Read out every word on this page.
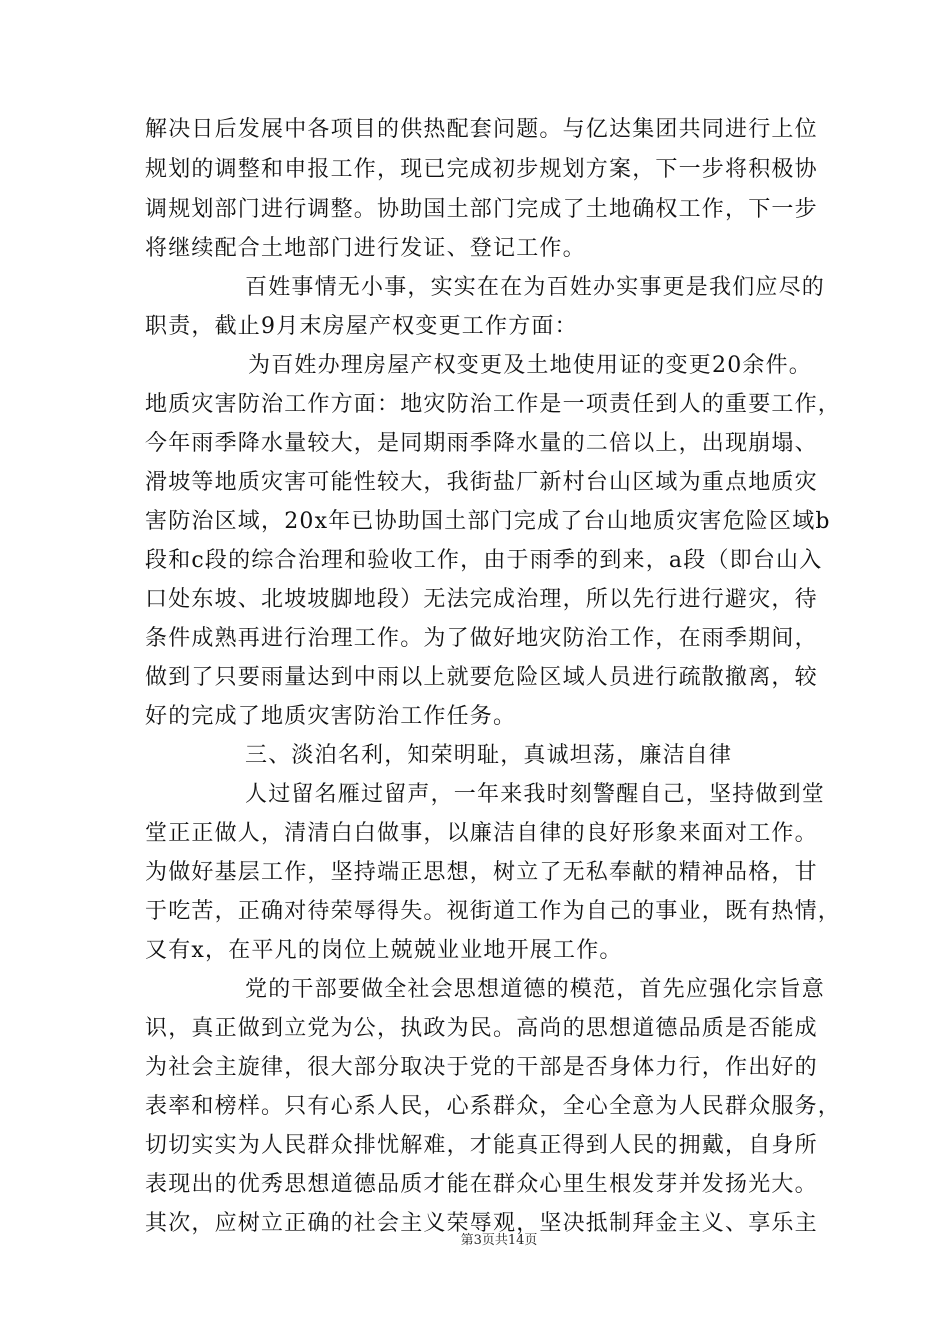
解决日后发展中各项目的供热配套问题。与亿达集团共同进行上位
规划的调整和申报工作，现已完成初步规划方案，下一步将积极协
调规划部门进行调整。协助国土部门完成了土地确权工作，下一步
将继续配合土地部门进行发证、登记工作。
百姓事情无小事，实实在在为百姓办实事更是我们应尽的
职责，截止9月末房屋产权变更工作方面：
为百姓办理房屋产权变更及土地使用证的变更20余件。
地质灾害防治工作方面：地灾防治工作是一项责任到人的重要工作，
今年雨季降水量较大，是同期雨季降水量的二倍以上，出现崩塌、
滑坡等地质灾害可能性较大，我街盐厂新村台山区域为重点地质灾
害防治区域，20x年已协助国土部门完成了台山地质灾害危险区域b
段和c段的综合治理和验收工作，由于雨季的到来，a段（即台山入
口处东坡、北坡坡脚地段）无法完成治理，所以先行进行避灾，待
条件成熟再进行治理工作。为了做好地灾防治工作，在雨季期间，
做到了只要雨量达到中雨以上就要危险区域人员进行疏散撤离，较
好的完成了地质灾害防治工作任务。
三、淡泊名利，知荣明耻，真诚坦荡，廉洁自律
人过留名雁过留声，一年来我时刻警醒自己，坚持做到堂
堂正正做人，清清白白做事，以廉洁自律的良好形象来面对工作。
为做好基层工作，坚持端正思想，树立了无私奉献的精神品格，甘
于吃苦，正确对待荣辱得失。视街道工作为自己的事业，既有热情，
又有x，在平凡的岗位上兢兢业业地开展工作。
党的干部要做全社会思想道德的模范，首先应强化宗旨意
识，真正做到立党为公，执政为民。高尚的思想道德品质是否能成
为社会主旋律，很大部分取决于党的干部是否身体力行，作出好的
表率和榜样。只有心系人民，心系群众，全心全意为人民群众服务，
切切实实为人民群众排忧解难，才能真正得到人民的拥戴，自身所
表现出的优秀思想道德品质才能在群众心里生根发芽并发扬光大。
其次，应树立正确的社会主义荣辱观，坚决抵制拜金主义、享乐主
第3页共14页
